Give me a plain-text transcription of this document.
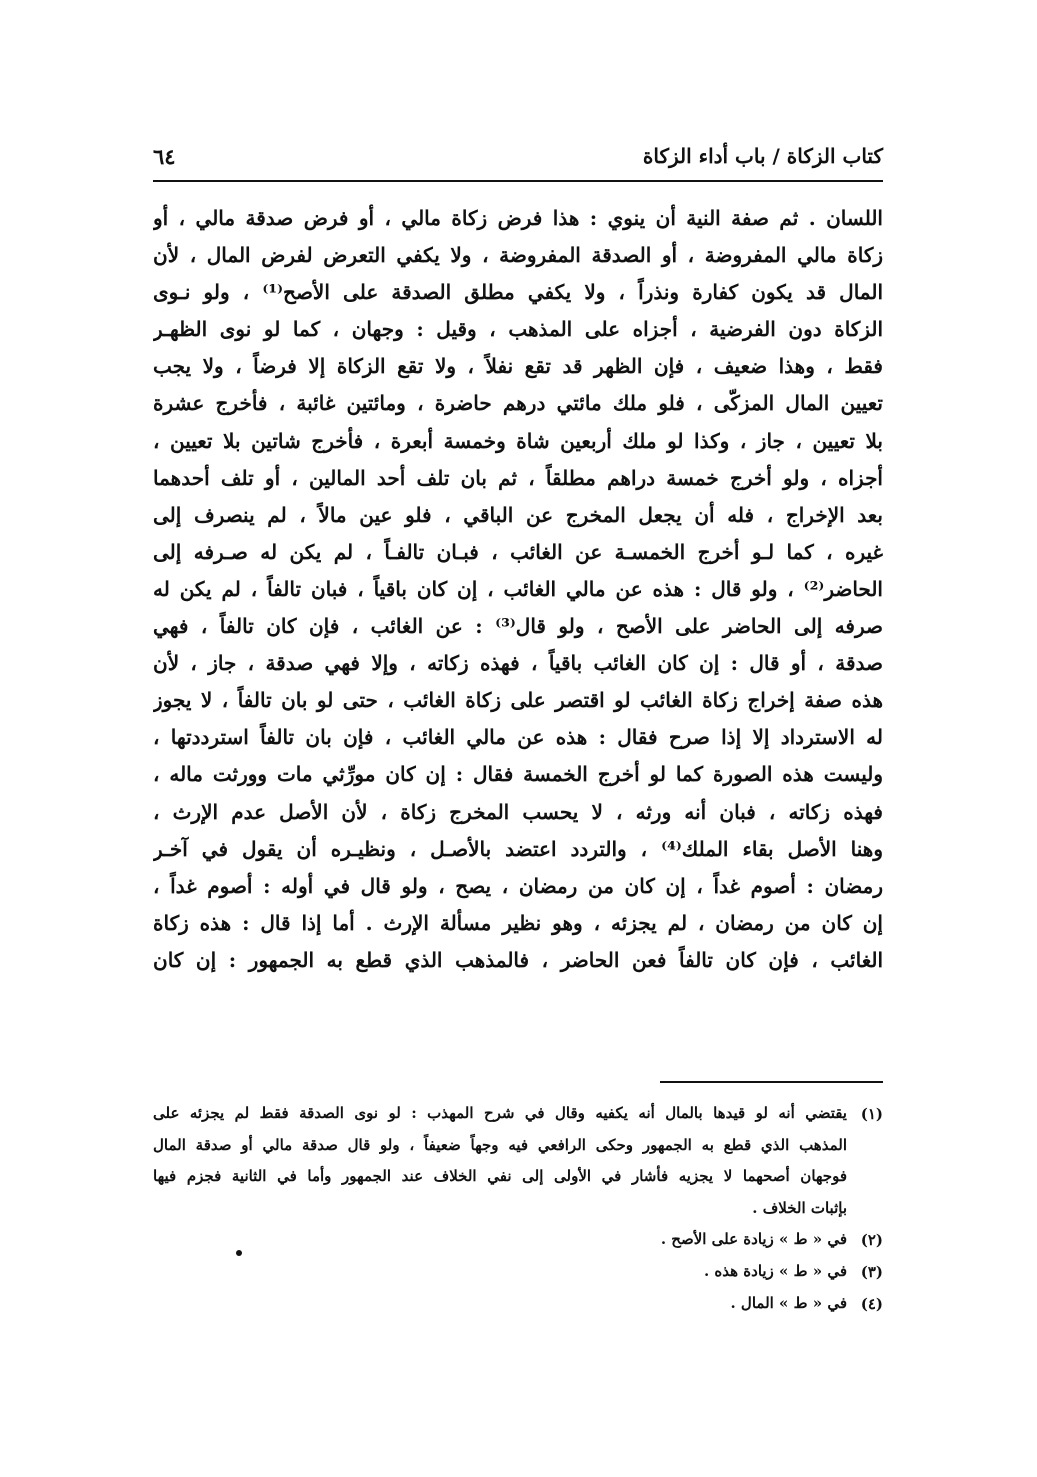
كتاب الزكاة / باب أداء الزكاة
٦٤
اللسان . ثم صفة النية أن ينوي : هذا فرض زكاة مالي ، أو فرض صدقة مالي ، أو
زكاة مالي المفروضة ، أو الصدقة المفروضة ، ولا يكفي التعرض لفرض المال ، لأن
المال قد يكون كفارة ونذراً ، ولا يكفي مطلق الصدقة على الأصح⁽¹⁾ ، ولو نـوى
الزكاة دون الفرضية ، أجزاه على المذهب ، وقيل : وجهان ، كما لو نوى الظهـر
فقط ، وهذا ضعيف ، فإن الظهر قد تقع نفلاً ، ولا تقع الزكاة إلا فرضاً ، ولا يجب
تعيين المال المزكّى ، فلو ملك مائتي درهم حاضرة ، ومائتين غائبة ، فأخرج عشرة
بلا تعيين ، جاز ، وكذا لو ملك أربعين شاة وخمسة أبعرة ، فأخرج شاتين بلا تعيين ،
أجزاه ، ولو أخرج خمسة دراهم مطلقاً ، ثم بان تلف أحد المالين ، أو تلف أحدهما
بعد الإخراج ، فله أن يجعل المخرج عن الباقي ، فلو عين مالاً ، لم ينصرف إلى
غيره ، كما لـو أخرج الخمسـة عن الغائب ، فبـان تالفـاً ، لم يكن له صـرفه إلى
الحاضر⁽²⁾ ، ولو قال : هذه عن مالي الغائب ، إن كان باقياً ، فبان تالفاً ، لم يكن له
صرفه إلى الحاضر على الأصح ، ولو قال⁽³⁾ : عن الغائب ، فإن كان تالفاً ، فهي
صدقة ، أو قال : إن كان الغائب باقياً ، فهذه زكاته ، وإلا فهي صدقة ، جاز ، لأن
هذه صفة إخراج زكاة الغائب لو اقتصر على زكاة الغائب ، حتى لو بان تالفاً ، لا يجوز
له الاسترداد إلا إذا صرح فقال : هذه عن مالي الغائب ، فإن بان تالفاً استرددتها ،
وليست هذه الصورة كما لو أخرج الخمسة فقال : إن كان مورِّثي مات وورثت ماله ،
فهذه زكاته ، فبان أنه ورثه ، لا يحسب المخرج زكاة ، لأن الأصل عدم الإرث ،
وهنا الأصل بقاء الملك⁽⁴⁾ ، والتردد اعتضد بالأصـل ، ونظيـره أن يقول في آخـر
رمضان : أصوم غداً ، إن كان من رمضان ، يصح ، ولو قال في أوله : أصوم غداً ،
إن كان من رمضان ، لم يجزئه ، وهو نظير مسألة الإرث . أما إذا قال : هذه زكاة
الغائب ، فإن كان تالفاً فعن الحاضر ، فالمذهب الذي قطع به الجمهور : إن كان
(١)
يقتضي أنه لو قيدها بالمال أنه يكفيه وقال في شرح المهذب : لو نوى الصدقة فقط لم يجزئه على
المذهب الذي قطع به الجمهور وحكى الرافعي فيه وجهاً ضعيفاً ، ولو قال صدقة مالي أو صدقة المال
فوجهان أصحهما لا يجزيه فأشار في الأولى إلى نفي الخلاف عند الجمهور وأما في الثانية فجزم فيها
بإثبات الخلاف .
(٢)
في « ط » زيادة على الأصح .
(٣)
في « ط » زيادة هذه .
(٤)
في « ط » المال .
